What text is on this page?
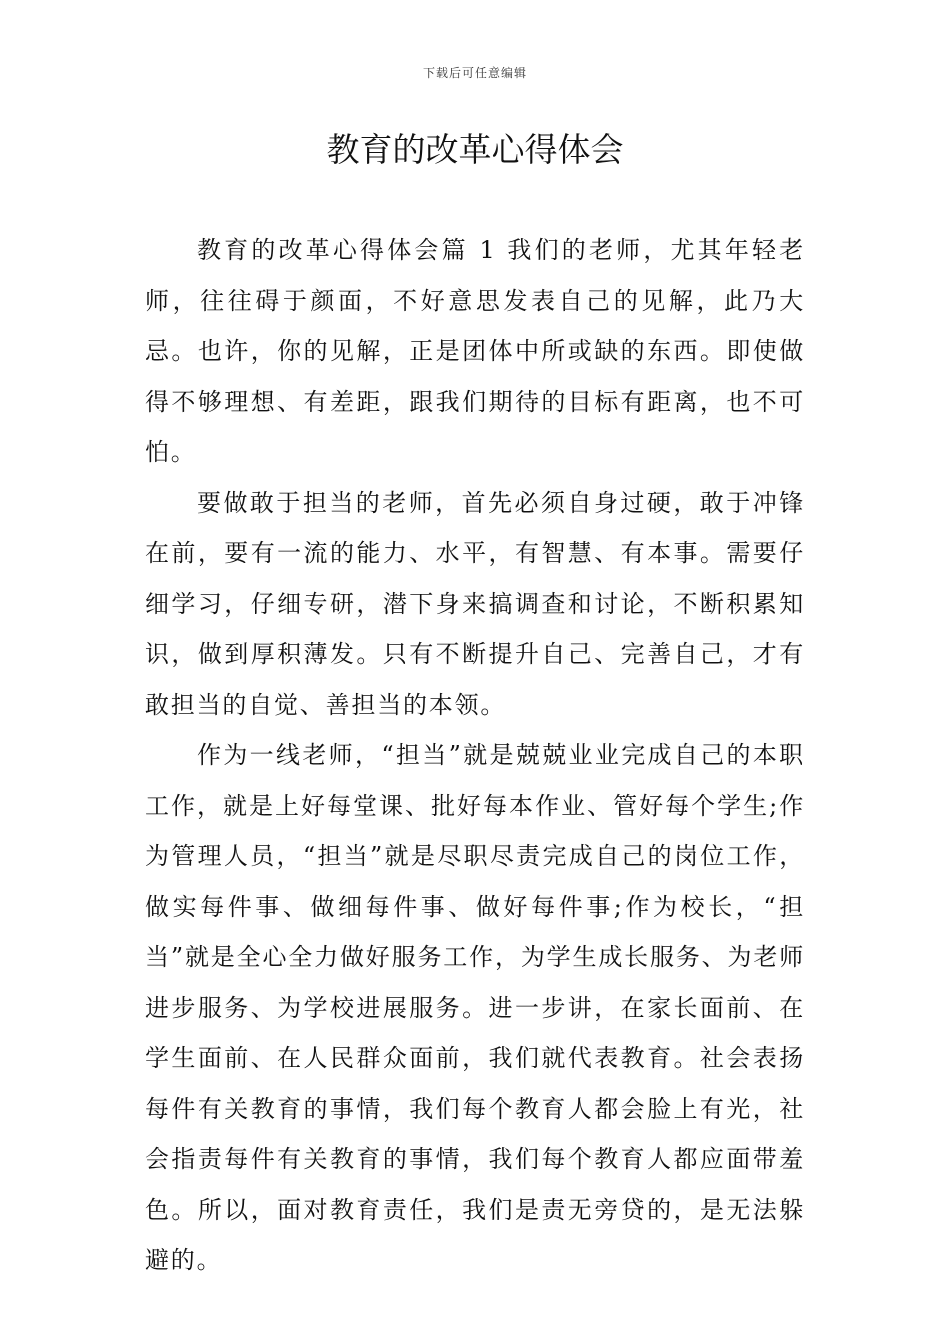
下载后可任意编辑
教育的改革心得体会

教育的改革心得体会篇 1 我们的老师，尤其年轻老师，往往碍于颜面，不好意思发表自己的见解，此乃大忌。也许，你的见解，正是团体中所或缺的东西。即使做得不够理想、有差距，跟我们期待的目标有距离，也不可怕。

要做敢于担当的老师，首先必须自身过硬，敢于冲锋在前，要有一流的能力、水平，有智慧、有本事。需要仔细学习，仔细专研，潜下身来搞调查和讨论，不断积累知识，做到厚积薄发。只有不断提升自己、完善自己，才有敢担当的自觉、善担当的本领。

作为一线老师，“担当”就是兢兢业业完成自己的本职工作，就是上好每堂课、批好每本作业、管好每个学生;作为管理人员，“担当”就是尽职尽责完成自己的岗位工作，做实每件事、做细每件事、做好每件事;作为校长，“担当”就是全心全力做好服务工作，为学生成长服务、为老师进步服务、为学校进展服务。进一步讲，在家长面前、在学生面前、在人民群众面前，我们就代表教育。社会表扬每件有关教育的事情，我们每个教育人都会脸上有光，社会指责每件有关教育的事情，我们每个教育人都应面带羞色。所以，面对教育责任，我们是责无旁贷的，是无法躲避的。
